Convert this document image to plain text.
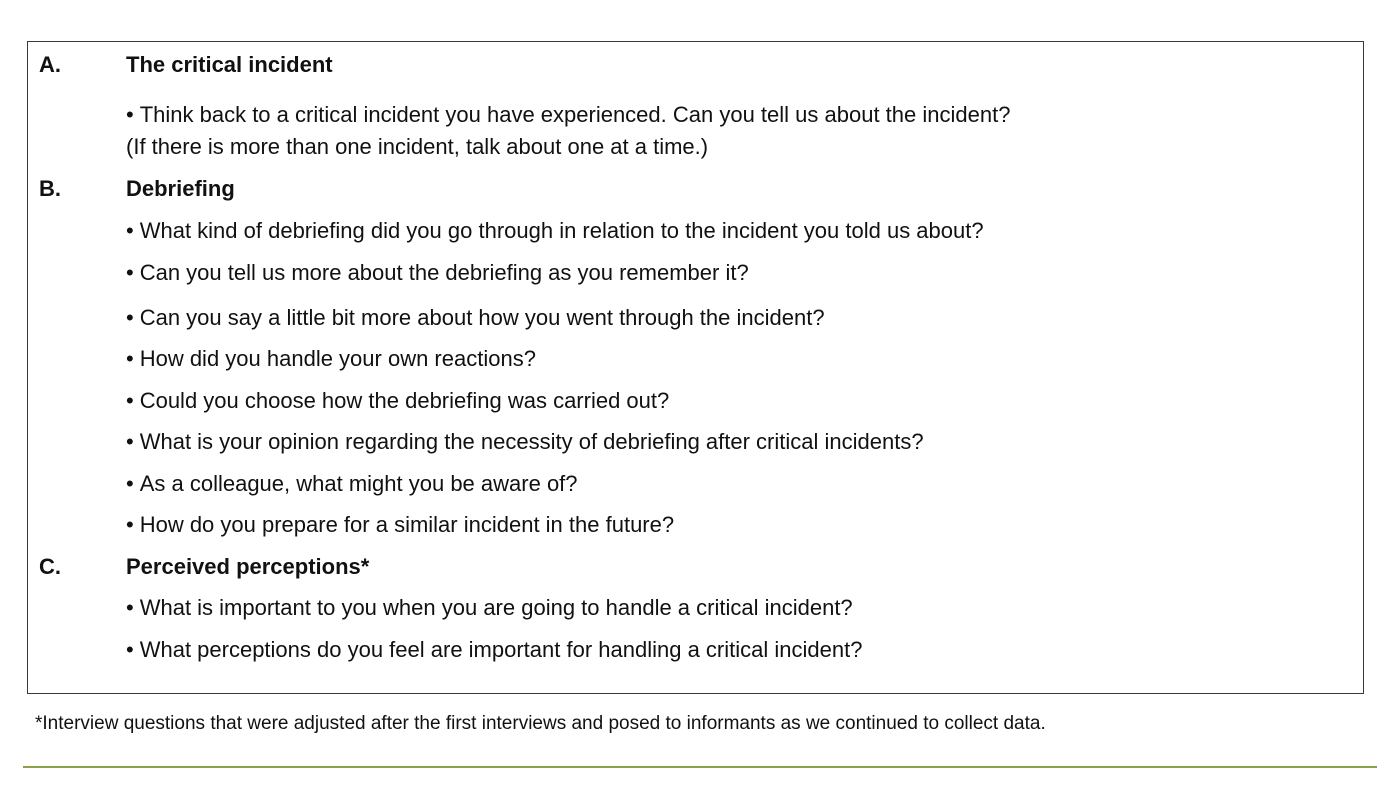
A.	The critical incident
• Think back to a critical incident you have experienced. Can you tell us about the incident?
(If there is more than one incident, talk about one at a time.)
B.	Debriefing
• What kind of debriefing did you go through in relation to the incident you told us about?
• Can you tell us more about the debriefing as you remember it?
• Can you say a little bit more about how you went through the incident?
• How did you handle your own reactions?
• Could you choose how the debriefing was carried out?
• What is your opinion regarding the necessity of debriefing after critical incidents?
• As a colleague, what might you be aware of?
• How do you prepare for a similar incident in the future?
C.	Perceived perceptions*
• What is important to you when you are going to handle a critical incident?
• What perceptions do you feel are important for handling a critical incident?
*Interview questions that were adjusted after the first interviews and posed to informants as we continued to collect data.
